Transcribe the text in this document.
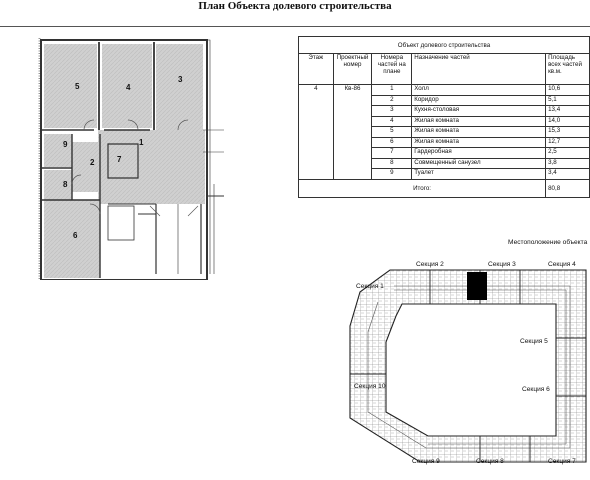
План Объекта долевого строительства
5	4
3
9
2	7
1
8
6
Объект долевого строительства				
Этаж	Проектный номер	Номера частей на плане	Назначение частей	Площадь всех частей кв.м.
4	Кв-86	1	Холл	10,6
		2	Коридор	5,1
		3	Кухня-столовая	13,4
		4	Жилая комната	14,0
		5	Жилая комната	15,3
		6	Жилая комната	12,7
		7	Гардеробная	2,5
		8	Совмещенный санузел	3,8
		9	Туалет	3,4
Итого:				80,8
Местоположение объекта
Секция 1
Секция 2	Секция 3	Секция 4
Секция 5
Секция 6
Секция 7
Секция 8
Секция 9
Секция 10
